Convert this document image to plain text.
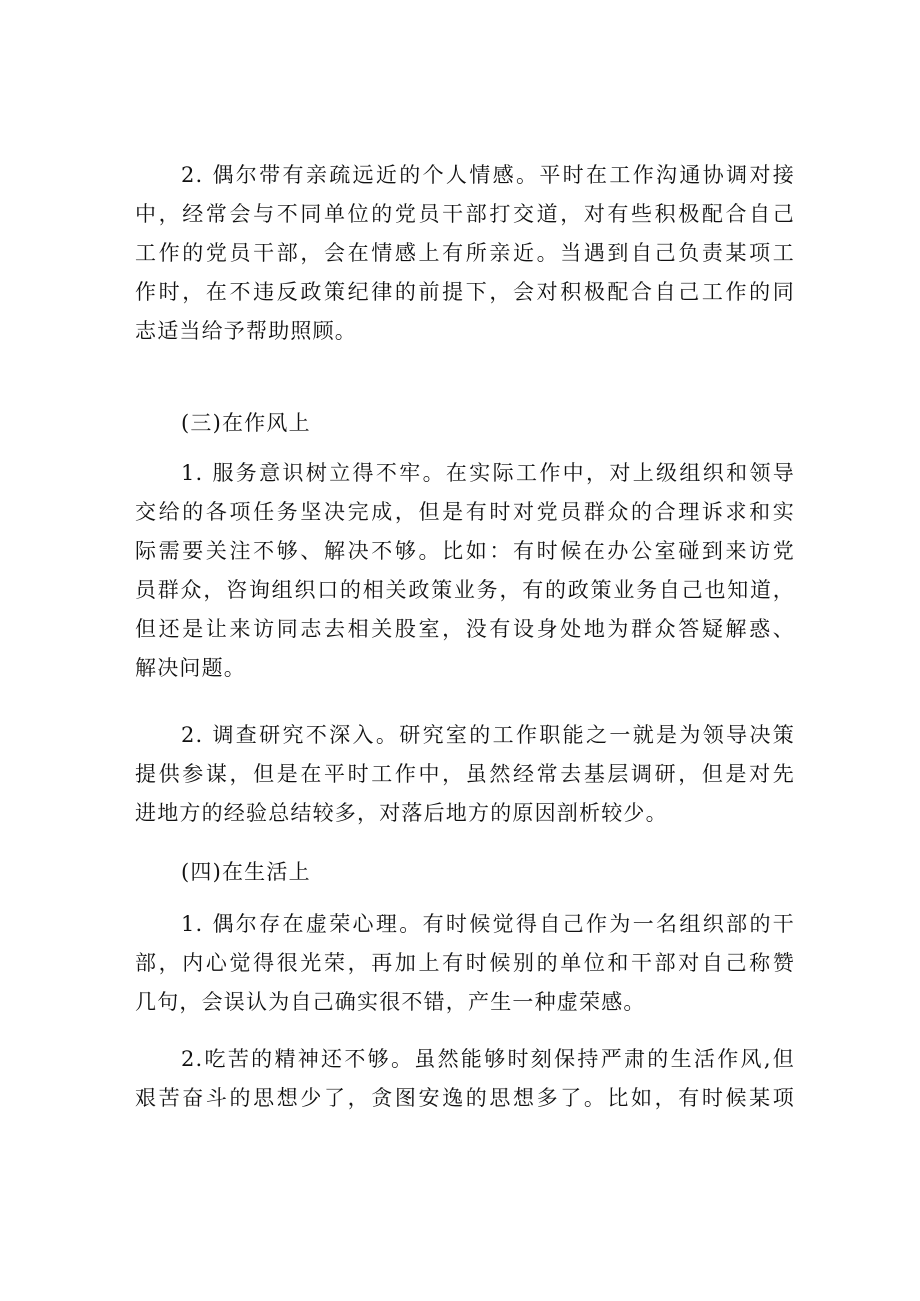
2. 偶尔带有亲疏远近的个人情感。平时在工作沟通协调对接
中，经常会与不同单位的党员干部打交道，对有些积极配合自己
工作的党员干部，会在情感上有所亲近。当遇到自己负责某项工
作时，在不违反政策纪律的前提下，会对积极配合自己工作的同
志适当给予帮助照顾。
(三)在作风上
1. 服务意识树立得不牢。在实际工作中，对上级组织和领导
交给的各项任务坚决完成，但是有时对党员群众的合理诉求和实
际需要关注不够、解决不够。比如：有时候在办公室碰到来访党
员群众，咨询组织口的相关政策业务，有的政策业务自己也知道，
但还是让来访同志去相关股室，没有设身处地为群众答疑解惑、
解决问题。
2. 调查研究不深入。研究室的工作职能之一就是为领导决策
提供参谋，但是在平时工作中，虽然经常去基层调研，但是对先
进地方的经验总结较多，对落后地方的原因剖析较少。
(四)在生活上
1. 偶尔存在虚荣心理。有时候觉得自己作为一名组织部的干
部，内心觉得很光荣，再加上有时候别的单位和干部对自己称赞
几句，会误认为自己确实很不错，产生一种虚荣感。
2.吃苦的精神还不够。虽然能够时刻保持严肃的生活作风,但
艰苦奋斗的思想少了，贪图安逸的思想多了。比如，有时候某项
